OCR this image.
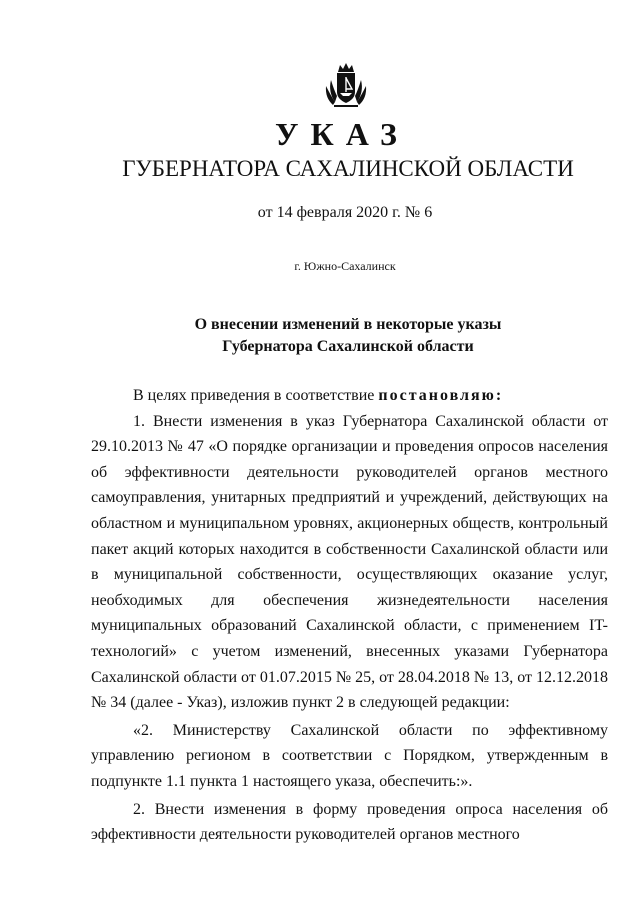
УКАЗ
ГУБЕРНАТОРА САХАЛИНСКОЙ ОБЛАСТИ
от 14 февраля 2020 г. № 6
г. Южно-Сахалинск
О внесении изменений в некоторые указы
Губернатора Сахалинской области

В целях приведения в соответствие постановляю:

1. Внести изменения в указ Губернатора Сахалинской области от 29.10.2013 № 47 «О порядке организации и проведения опросов населения об эффективности деятельности руководителей органов местного самоуправления, унитарных предприятий и учреждений, действующих на областном и муниципальном уровнях, акционерных обществ, контрольный пакет акций которых находится в собственности Сахалинской области или в муниципальной собственности, осуществляющих оказание услуг, необходимых для обеспечения жизнедеятельности населения муниципальных образований Сахалинской области, с применением IT-технологий» с учетом изменений, внесенных указами Губернатора Сахалинской области от 01.07.2015 № 25, от 28.04.2018 № 13, от 12.12.2018 № 34 (далее - Указ), изложив пункт 2 в следующей редакции:

«2. Министерству Сахалинской области по эффективному управлению регионом в соответствии с Порядком, утвержденным в подпункте 1.1 пункта 1 настоящего указа, обеспечить:».

2. Внести изменения в форму проведения опроса населения об эффективности деятельности руководителей органов местного
